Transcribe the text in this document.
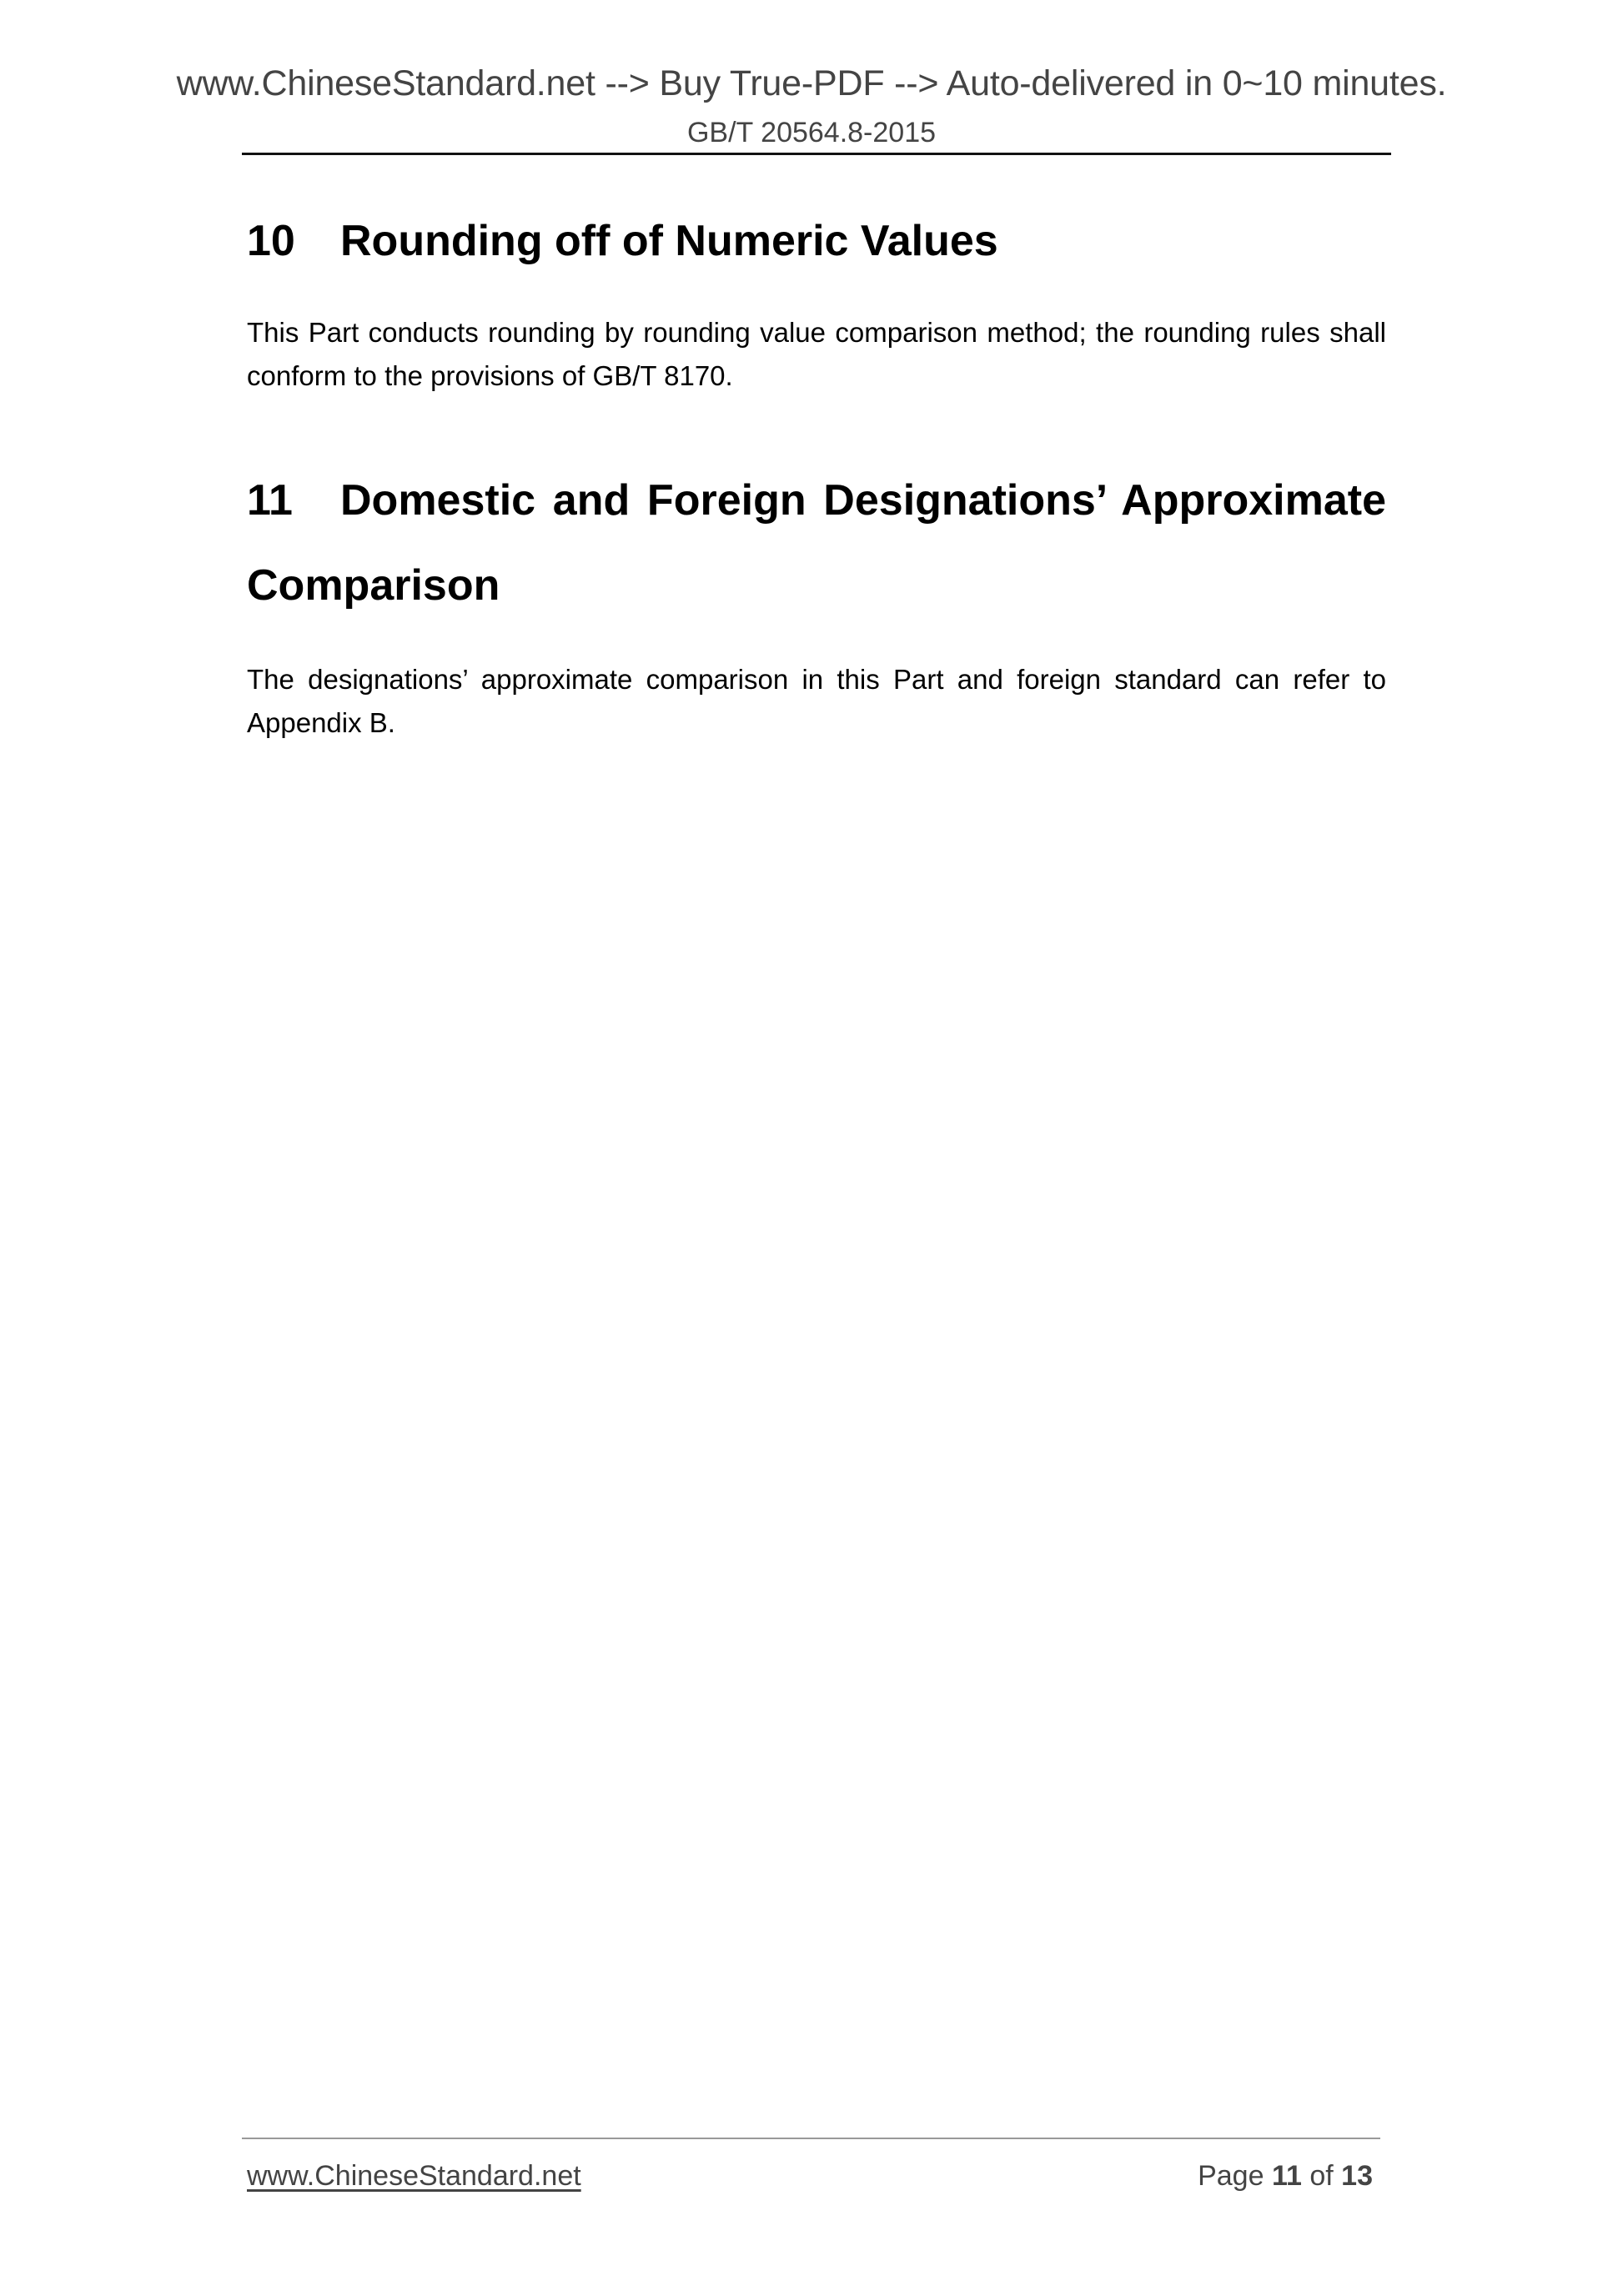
www.ChineseStandard.net --> Buy True-PDF --> Auto-delivered in 0~10 minutes.
GB/T 20564.8-2015
10 Rounding off of Numeric Values

This Part conducts rounding by rounding value comparison method; the rounding rules shall conform to the provisions of GB/T 8170.

11 Domestic and Foreign Designations’ Approximate Comparison

The designations’ approximate comparison in this Part and foreign standard can refer to Appendix B.

www.ChineseStandard.net	Page 11 of 13
